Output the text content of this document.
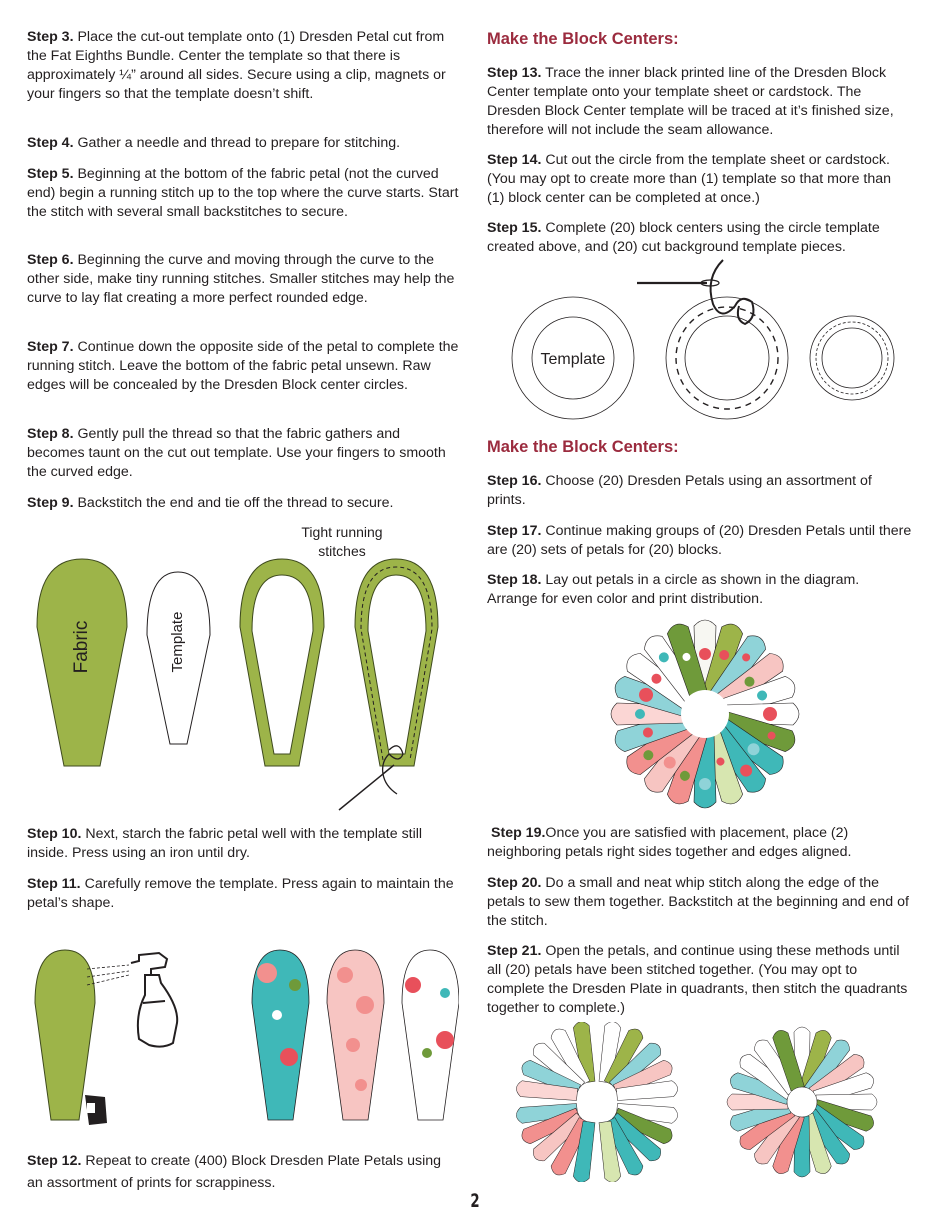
Step 3. Place the cut-out template onto (1) Dresden Petal cut from the Fat Eighths Bundle. Center the template so that there is approximately ¼” around all sides. Secure using a clip, magnets or your fingers so that the template doesn’t shift.

Step 4. Gather a needle and thread to prepare for stitching.

Step 5. Beginning at the bottom of the fabric petal (not the curved end) begin a running stitch up to the top where the curve starts. Start the stitch with several small backstitches to secure.

Step 6. Beginning the curve and moving through the curve to the other side, make tiny running stitches. Smaller stitches may help the curve to lay flat creating a more perfect rounded edge.

Step 7. Continue down the opposite side of the petal to complete the running stitch. Leave the bottom of the fabric petal unsewn. Raw edges will be concealed by the Dresden Block center circles.

Step 8. Gently pull the thread so that the fabric gathers and becomes taunt on the cut out template. Use your fingers to smooth the curved edge.

Step 9. Backstitch the end and tie off the thread to secure.

Tight running
stitches
Fabric	Template

Step 10. Next, starch the fabric petal well with the template still inside. Press using an iron until dry.

Step 11. Carefully remove the template. Press again to maintain the petal’s shape.

Step 12. Repeat to create (400) Block Dresden Plate Petals using an assortment of prints for scrappiness.

Make the Block Centers:

Step 13. Trace the inner black printed line of the Dresden Block Center template onto your template sheet or cardstock. The Dresden Block Center template will be traced at it’s finished size, therefore will not include the seam allowance.

Step 14. Cut out the circle from the template sheet or cardstock. (You may opt to create more than (1) template so that more than (1) block center can be completed at once.)

Step 15. Complete (20) block centers using the circle template created above, and (20) cut background template pieces.

Template
Make the Block Centers:

Step 16. Choose (20) Dresden Petals using an assortment of prints.

Step 17. Continue making groups of (20) Dresden Petals until there are (20) sets of petals for (20) blocks.

Step 18. Lay out petals in a circle as shown in the diagram. Arrange for even color and print distribution.

Step 19.Once you are satisfied with placement, place (2) neighboring petals right sides together and edges aligned.

Step 20. Do a small and neat whip stitch along the edge of the petals to sew them together. Backstitch at the beginning and end of the stitch.

Step 21. Open the petals, and continue using these methods until all (20) petals have been stitched together. (You may opt to complete the Dresden Plate in quadrants, then stitch the quadrants together to complete.)

2
